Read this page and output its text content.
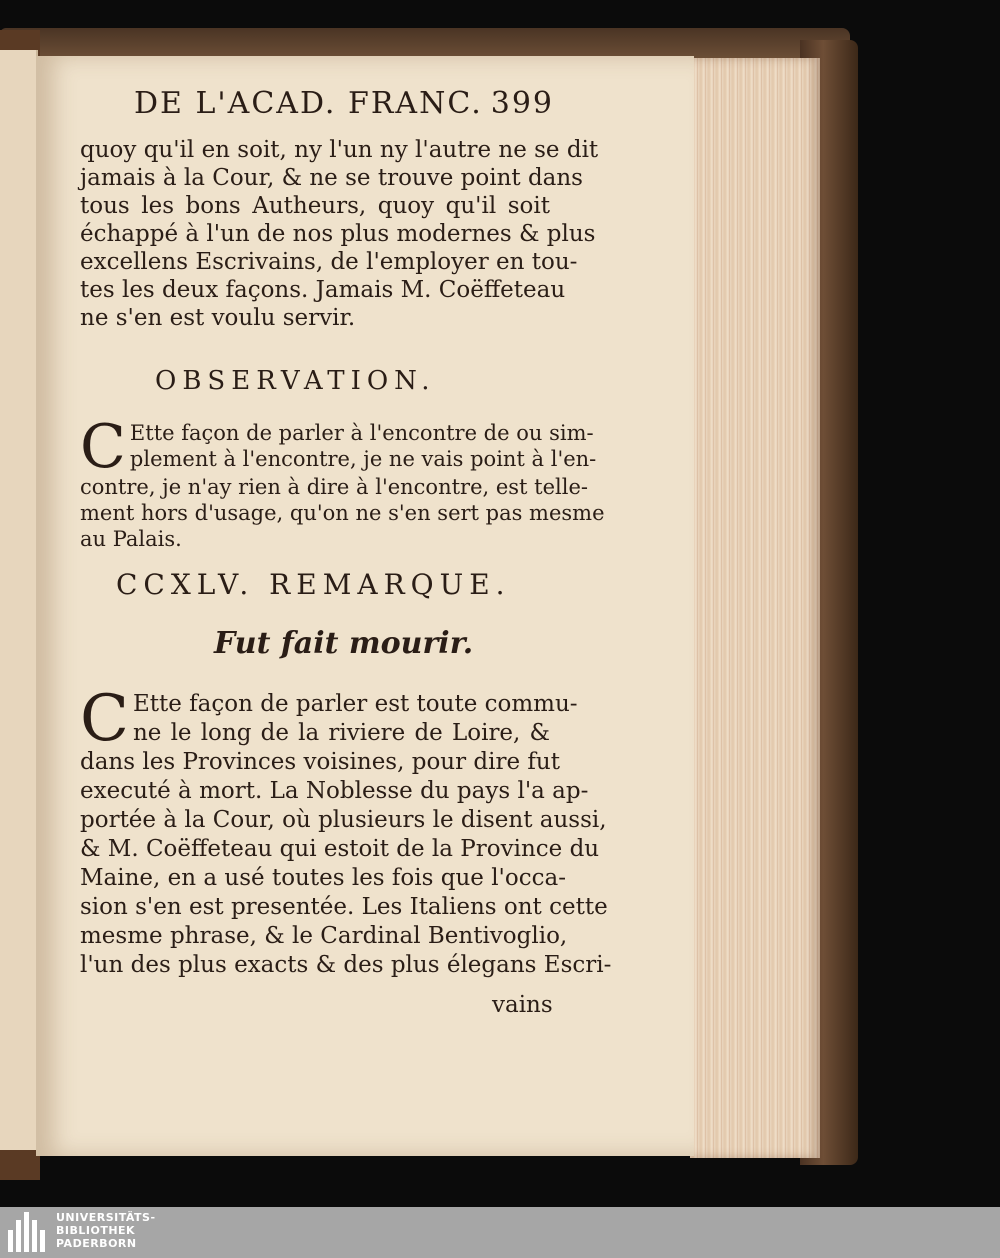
DE L'ACAD. FRANC. 399
quoy qu'il en soit, ny l'un ny l'autre ne se dit
jamais à la Cour, & ne se trouve point dans
tous les bons Autheurs, quoy qu'il soit
échappé à l'un de nos plus modernes & plus
excellens Escrivains, de l'employer en tou-
tes les deux façons. Jamais M. Coëffeteau
ne s'en est voulu servir.
OBSERVATION.
C Ette façon de parler à l'encontre de ou sim-
plement à l'encontre, je ne vais point à l'en-
contre, je n'ay rien à dire à l'encontre, est telle-
ment hors d'usage, qu'on ne s'en sert pas mesme
au Palais.
CCXLV. REMARQUE.
Fut fait mourir.
C Ette façon de parler est toute commu-
ne le long de la riviere de Loire, &
dans les Provinces voisines, pour dire fut
executé à mort. La Noblesse du pays l'a ap-
portée à la Cour, où plusieurs le disent aussi,
& M. Coëffeteau qui estoit de la Province du
Maine, en a usé toutes les fois que l'occa-
sion s'en est presentée. Les Italiens ont cette
mesme phrase, & le Cardinal Bentivoglio,
l'un des plus exacts & des plus élegans Escri-
vains
UNIVERSITÄTS-
BIBLIOTHEK
PADERBORN
